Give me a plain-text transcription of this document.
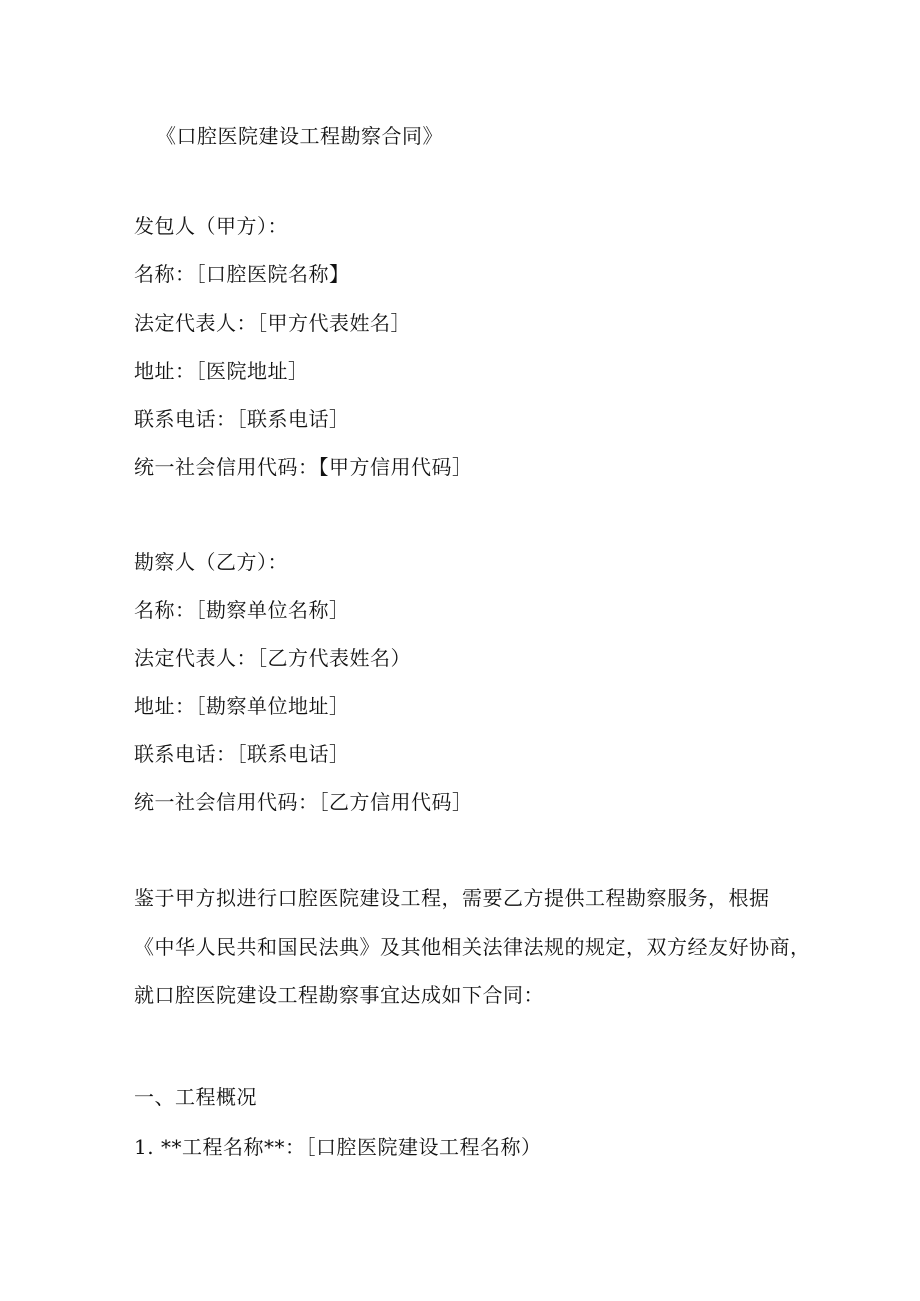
《口腔医院建设工程勘察合同》

发包人（甲方）：

名称：［口腔医院名称】

法定代表人：［甲方代表姓名］

地址：［医院地址］

联系电话：［联系电话］

统一社会信用代码：【甲方信用代码］

勘察人（乙方）：

名称：［勘察单位名称］

法定代表人：［乙方代表姓名）

地址：［勘察单位地址］

联系电话：［联系电话］

统一社会信用代码：［乙方信用代码］

鉴于甲方拟进行口腔医院建设工程，需要乙方提供工程勘察服务，根据

《中华人民共和国民法典》及其他相关法律法规的规定，双方经友好协商，

就口腔医院建设工程勘察事宜达成如下合同：

一、工程概况

1. **工程名称**：［口腔医院建设工程名称）
